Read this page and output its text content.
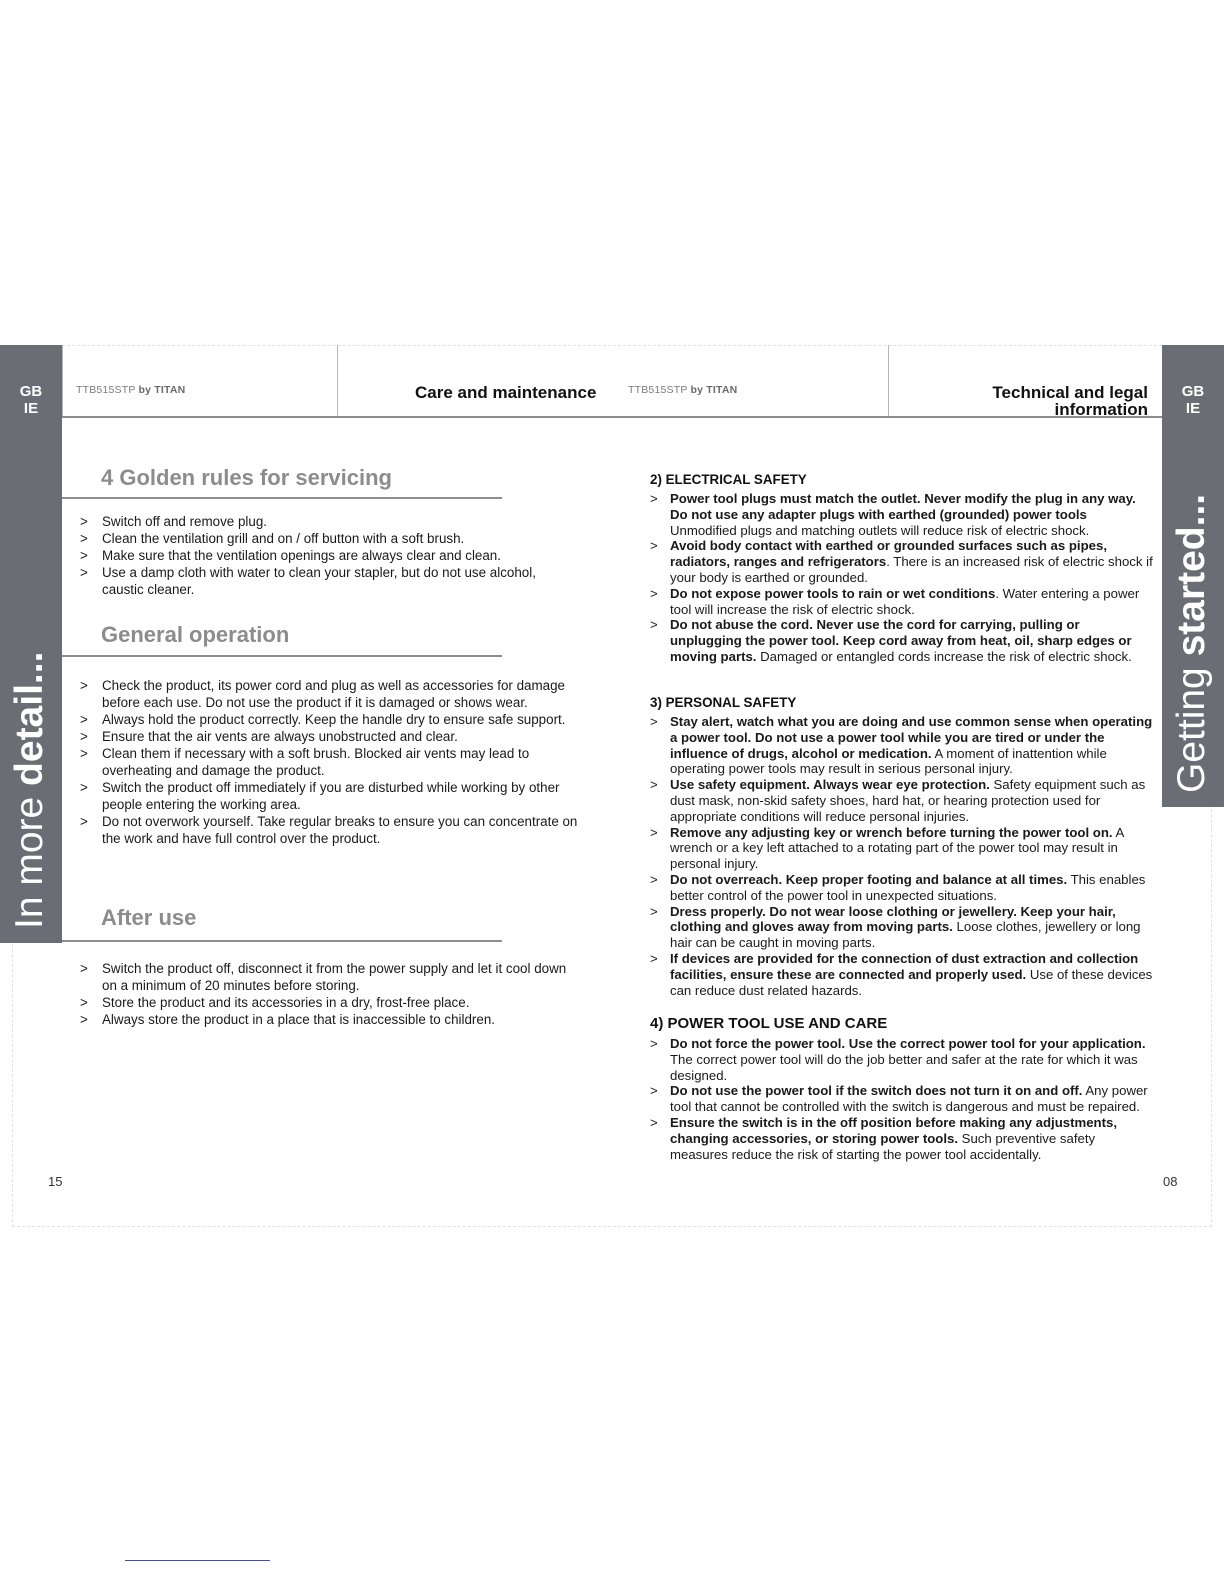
GB
IE
In more detail...
GB
IE
Getting started...
TTB515STP by TITAN	Care and maintenance	TTB515STP by TITAN	Technical and legal
information
4 Golden rules for servicing
> Switch off and remove plug.
> Clean the ventilation grill and on / off button with a soft brush.
> Make sure that the ventilation openings are always clear and clean.
> Use a damp cloth with water to clean your stapler, but do not use alcohol, caustic cleaner.
General operation
> Check the product, its power cord and plug as well as accessories for damage before each use. Do not use the product if it is damaged or shows wear.
> Always hold the product correctly. Keep the handle dry to ensure safe support.
> Ensure that the air vents are always unobstructed and clear.
> Clean them if necessary with a soft brush. Blocked air vents may lead to overheating and damage the product.
> Switch the product off immediately if you are disturbed while working by other people entering the working area.
> Do not overwork yourself. Take regular breaks to ensure you can concentrate on the work and have full control over the product.
After use
> Switch the product off, disconnect it from the power supply and let it cool down on a minimum of 20 minutes before storing.
> Store the product and its accessories in a dry, frost-free place.
> Always store the product in a place that is inaccessible to children.
15
2) ELECTRICAL SAFETY
> Power tool plugs must match the outlet. Never modify the plug in any way. Do not use any adapter plugs with earthed (grounded) power tools Unmodified plugs and matching outlets will reduce risk of electric shock.
> Avoid body contact with earthed or grounded surfaces such as pipes, radiators, ranges and refrigerators. There is an increased risk of electric shock if your body is earthed or grounded.
> Do not expose power tools to rain or wet conditions. Water entering a power tool will increase the risk of electric shock.
> Do not abuse the cord. Never use the cord for carrying, pulling or unplugging the power tool. Keep cord away from heat, oil, sharp edges or moving parts. Damaged or entangled cords increase the risk of electric shock.
3) PERSONAL SAFETY
> Stay alert, watch what you are doing and use common sense when operating a power tool. Do not use a power tool while you are tired or under the influence of drugs, alcohol or medication. A moment of inattention while operating power tools may result in serious personal injury.
> Use safety equipment. Always wear eye protection. Safety equipment such as dust mask, non-skid safety shoes, hard hat, or hearing protection used for appropriate conditions will reduce personal injuries.
> Remove any adjusting key or wrench before turning the power tool on. A wrench or a key left attached to a rotating part of the power tool may result in personal injury.
> Do not overreach. Keep proper footing and balance at all times. This enables better control of the power tool in unexpected situations.
> Dress properly. Do not wear loose clothing or jewellery. Keep your hair, clothing and gloves away from moving parts. Loose clothes, jewellery or long hair can be caught in moving parts.
> If devices are provided for the connection of dust extraction and collection facilities, ensure these are connected and properly used. Use of these devices can reduce dust related hazards.
4) POWER TOOL USE AND CARE
> Do not force the power tool. Use the correct power tool for your application. The correct power tool will do the job better and safer at the rate for which it was designed.
> Do not use the power tool if the switch does not turn it on and off. Any power tool that cannot be controlled with the switch is dangerous and must be repaired.
> Ensure the switch is in the off position before making any adjustments, changing accessories, or storing power tools. Such preventive safety measures reduce the risk of starting the power tool accidentally.
08
